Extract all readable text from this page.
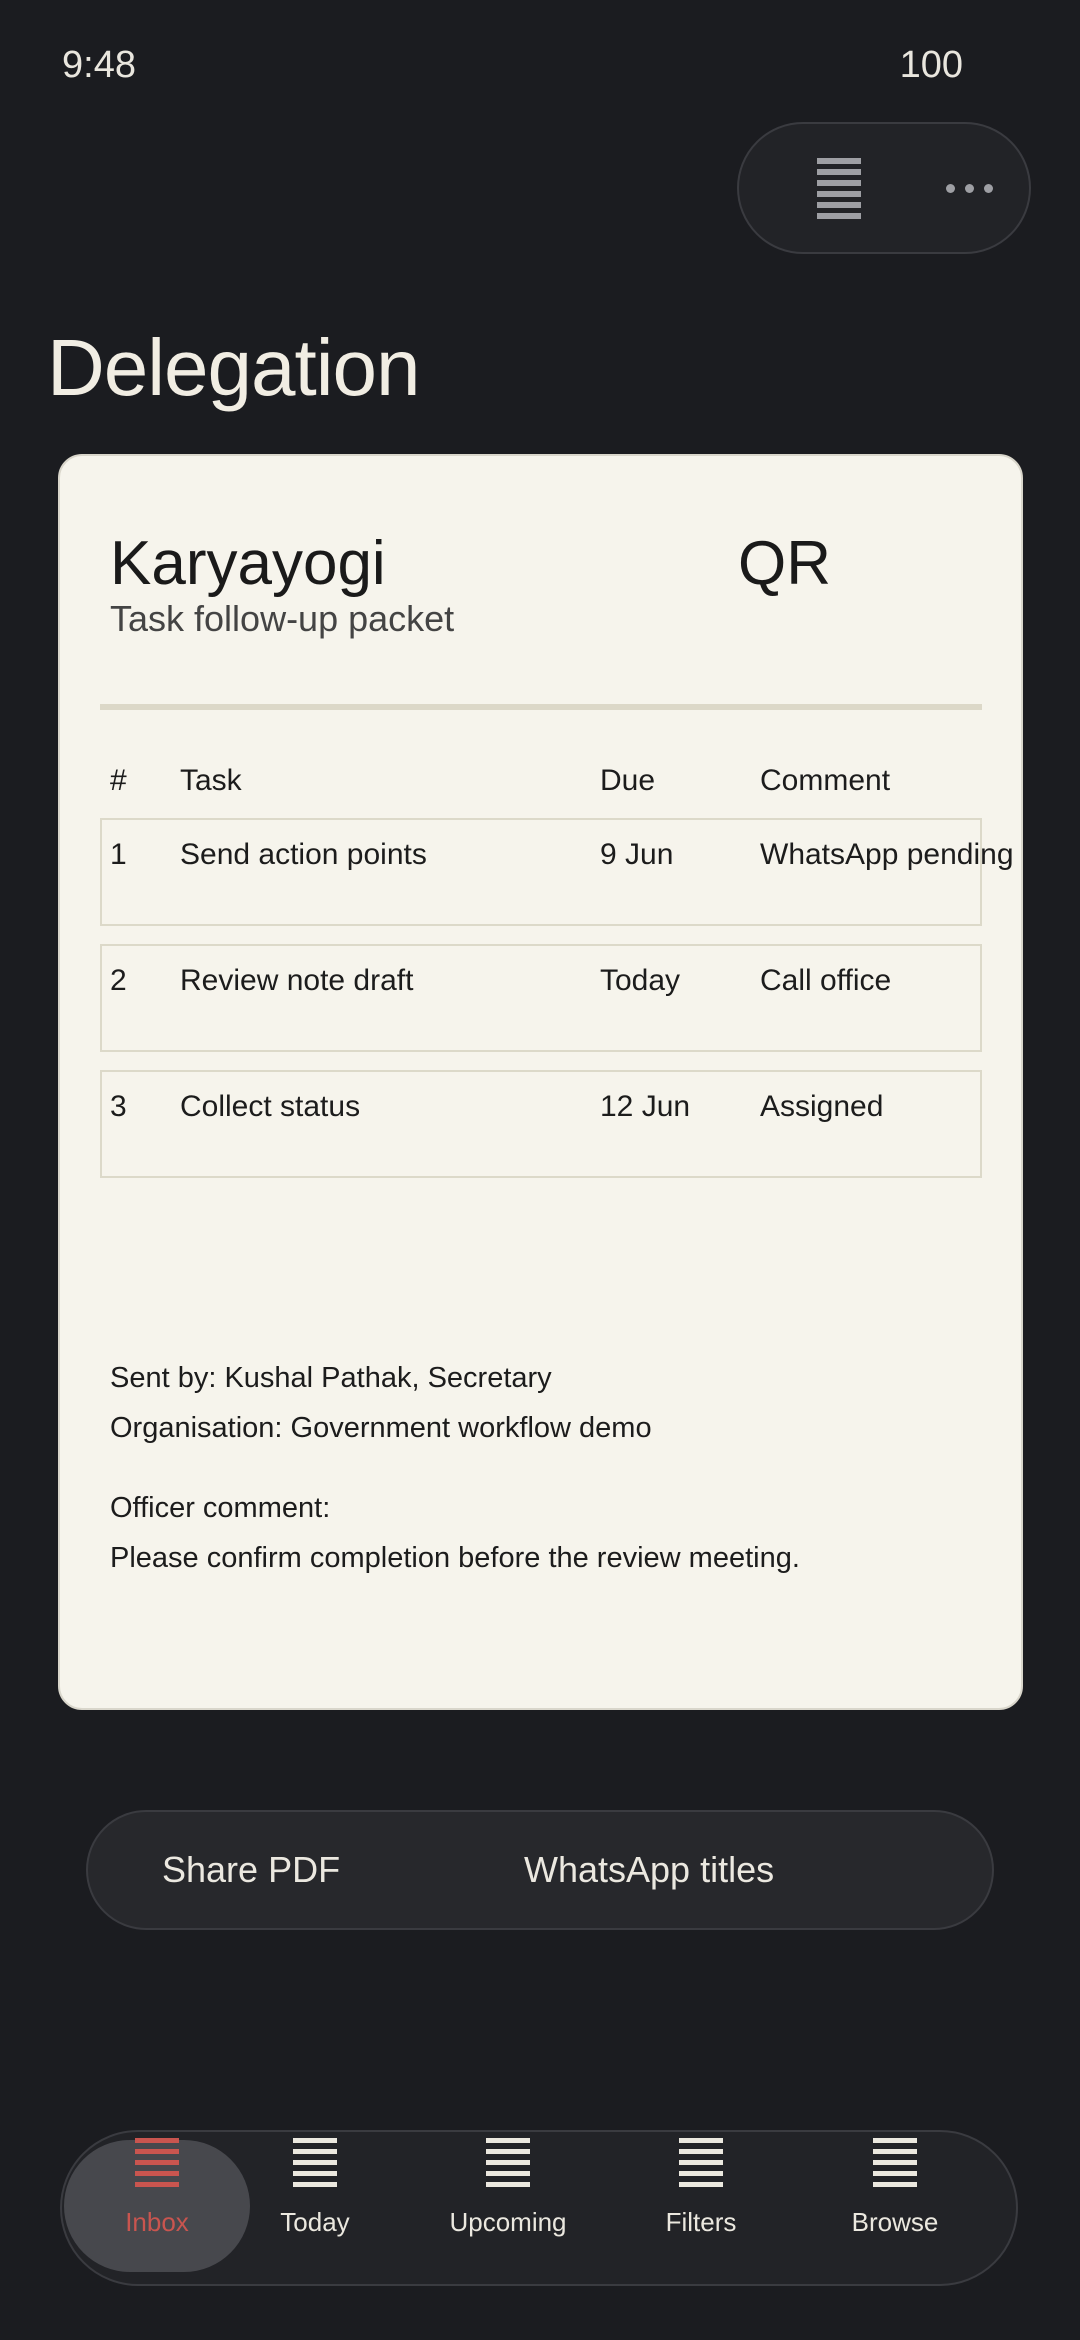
9:48	100
Delegation
Karyayogi	QR
Task follow-up packet
# Task	Due	Comment
1 Send action points	9 Jun	WhatsApp pending
2 Review note draft	Today	Call office
3 Collect status	12 Jun Assigned
Sent by: Kushal Pathak, Secretary
Organisation: Government workflow demo
Officer comment:
Please confirm completion before the review meeting.
Share PDF	WhatsApp titles
Inbox	Today	Upcoming	Filters	Browse
